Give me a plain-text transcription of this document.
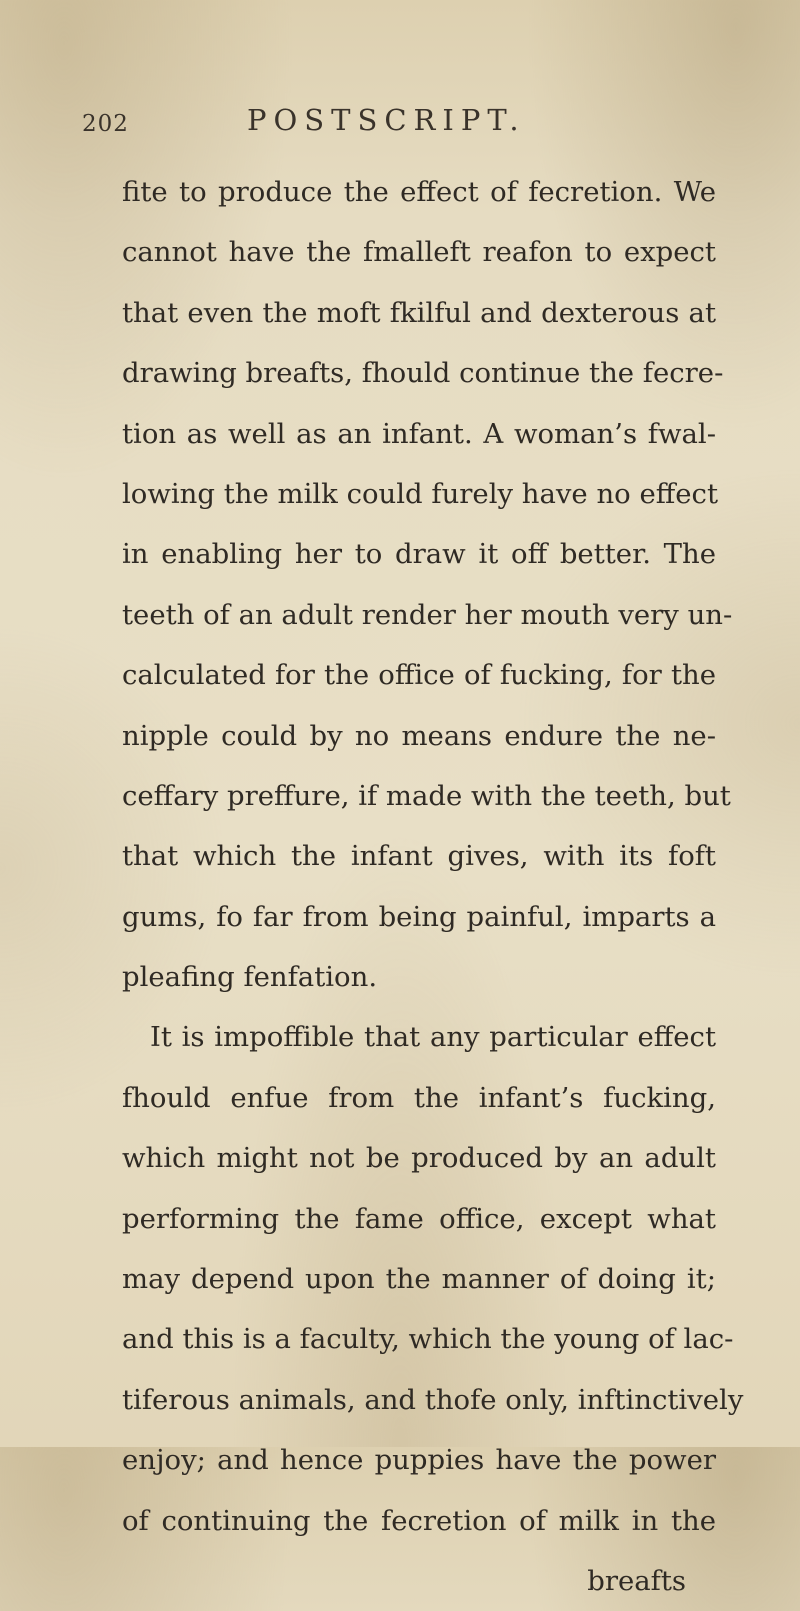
202	POSTSCRIPT.
fite to produce the effect of fecretion. We
cannot have the fmalleft reafon to expect
that even the moft fkilful and dexterous at
drawing breafts, fhould continue the fecre-
tion as well as an infant. A woman’s fwal-
lowing the milk could furely have no effect
in enabling her to draw it off better. The
teeth of an adult render her mouth very un-
calculated for the office of fucking, for the
nipple could by no means endure the ne-
ceffary preffure, if made with the teeth, but
that which the infant gives, with its foft
gums, fo far from being painful, imparts a
pleafing fenfation.
It is impoffible that any particular effect
fhould enfue from the infant’s fucking,
which might not be produced by an adult
performing the fame office, except what
may depend upon the manner of doing it;
and this is a faculty, which the young of lac-
tiferous animals, and thofe only, inftinctively
enjoy; and hence puppies have the power
of continuing the fecretion of milk in the
breafts
